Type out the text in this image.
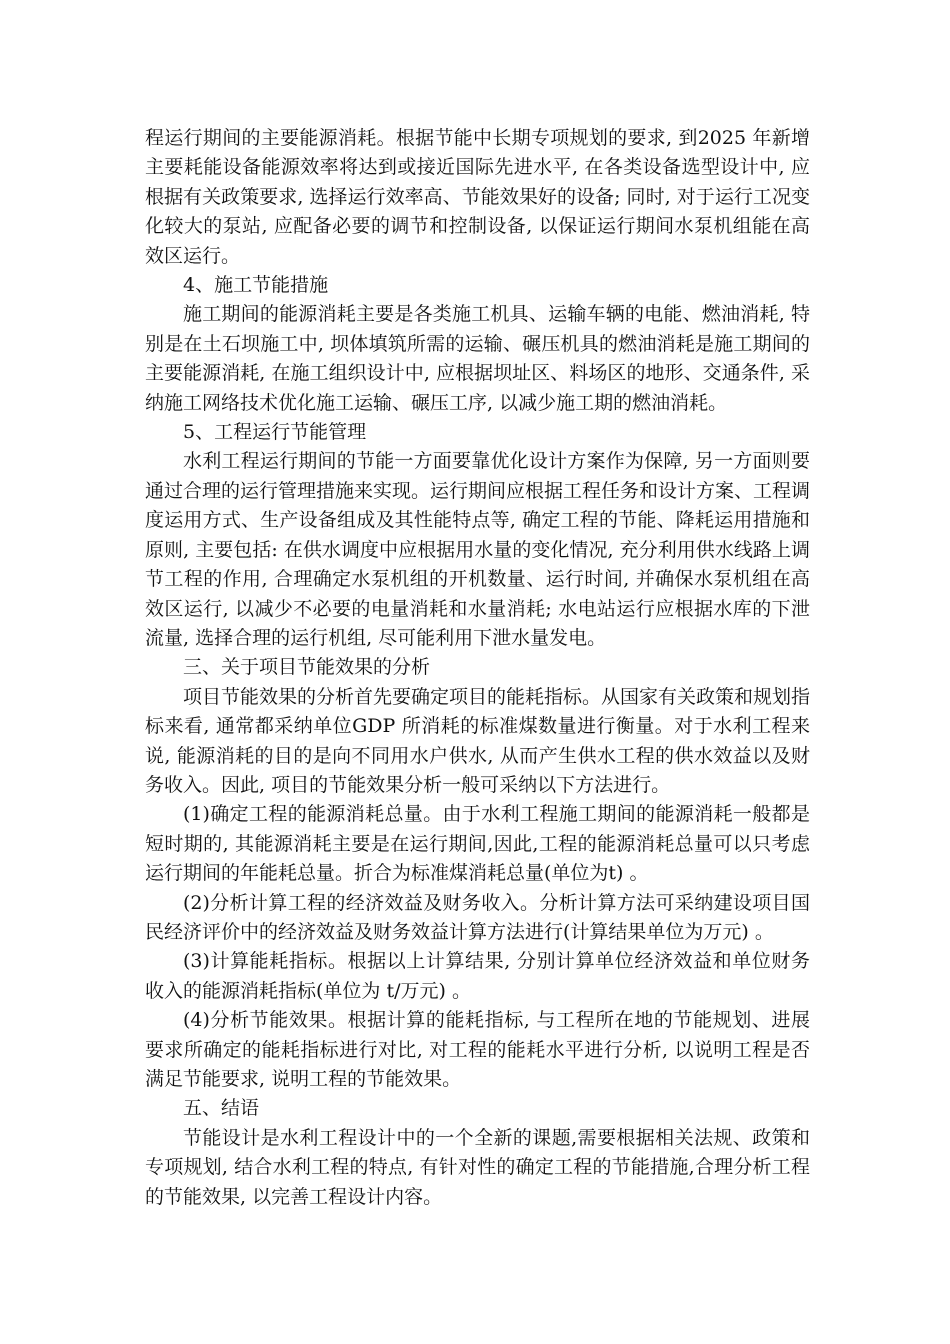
程运行期间的主要能源消耗。根据节能中长期专项规划的要求, 到2025 年新增主要耗能设备能源效率将达到或接近国际先进水平, 在各类设备选型设计中, 应根据有关政策要求, 选择运行效率高、节能效果好的设备; 同时, 对于运行工况变化较大的泵站, 应配备必要的调节和控制设备, 以保证运行期间水泵机组能在高效区运行。

4、施工节能措施

施工期间的能源消耗主要是各类施工机具、运输车辆的电能、燃油消耗, 特别是在土石坝施工中, 坝体填筑所需的运输、碾压机具的燃油消耗是施工期间的主要能源消耗, 在施工组织设计中, 应根据坝址区、料场区的地形、交通条件, 采纳施工网络技术优化施工运输、碾压工序, 以减少施工期的燃油消耗。

5、工程运行节能管理

水利工程运行期间的节能一方面要靠优化设计方案作为保障, 另一方面则要通过合理的运行管理措施来实现。运行期间应根据工程任务和设计方案、工程调度运用方式、生产设备组成及其性能特点等, 确定工程的节能、降耗运用措施和原则, 主要包括: 在供水调度中应根据用水量的变化情况, 充分利用供水线路上调节工程的作用, 合理确定水泵机组的开机数量、运行时间, 并确保水泵机组在高效区运行, 以减少不必要的电量消耗和水量消耗; 水电站运行应根据水库的下泄流量, 选择合理的运行机组, 尽可能利用下泄水量发电。

三、关于项目节能效果的分析

项目节能效果的分析首先要确定项目的能耗指标。从国家有关政策和规划指标来看, 通常都采纳单位GDP 所消耗的标准煤数量进行衡量。对于水利工程来说, 能源消耗的目的是向不同用水户供水, 从而产生供水工程的供水效益以及财务收入。因此, 项目的节能效果分析一般可采纳以下方法进行。

(1)确定工程的能源消耗总量。由于水利工程施工期间的能源消耗一般都是短时期的, 其能源消耗主要是在运行期间,因此,工程的能源消耗总量可以只考虑运行期间的年能耗总量。折合为标准煤消耗总量(单位为t) 。

(2)分析计算工程的经济效益及财务收入。分析计算方法可采纳建设项目国民经济评价中的经济效益及财务效益计算方法进行(计算结果单位为万元) 。

(3)计算能耗指标。根据以上计算结果, 分别计算单位经济效益和单位财务收入的能源消耗指标(单位为 t/万元) 。

(4)分析节能效果。根据计算的能耗指标, 与工程所在地的节能规划、进展要求所确定的能耗指标进行对比, 对工程的能耗水平进行分析, 以说明工程是否满足节能要求, 说明工程的节能效果。

五、结语

节能设计是水利工程设计中的一个全新的课题,需要根据相关法规、政策和专项规划, 结合水利工程的特点, 有针对性的确定工程的节能措施,合理分析工程的节能效果, 以完善工程设计内容。
